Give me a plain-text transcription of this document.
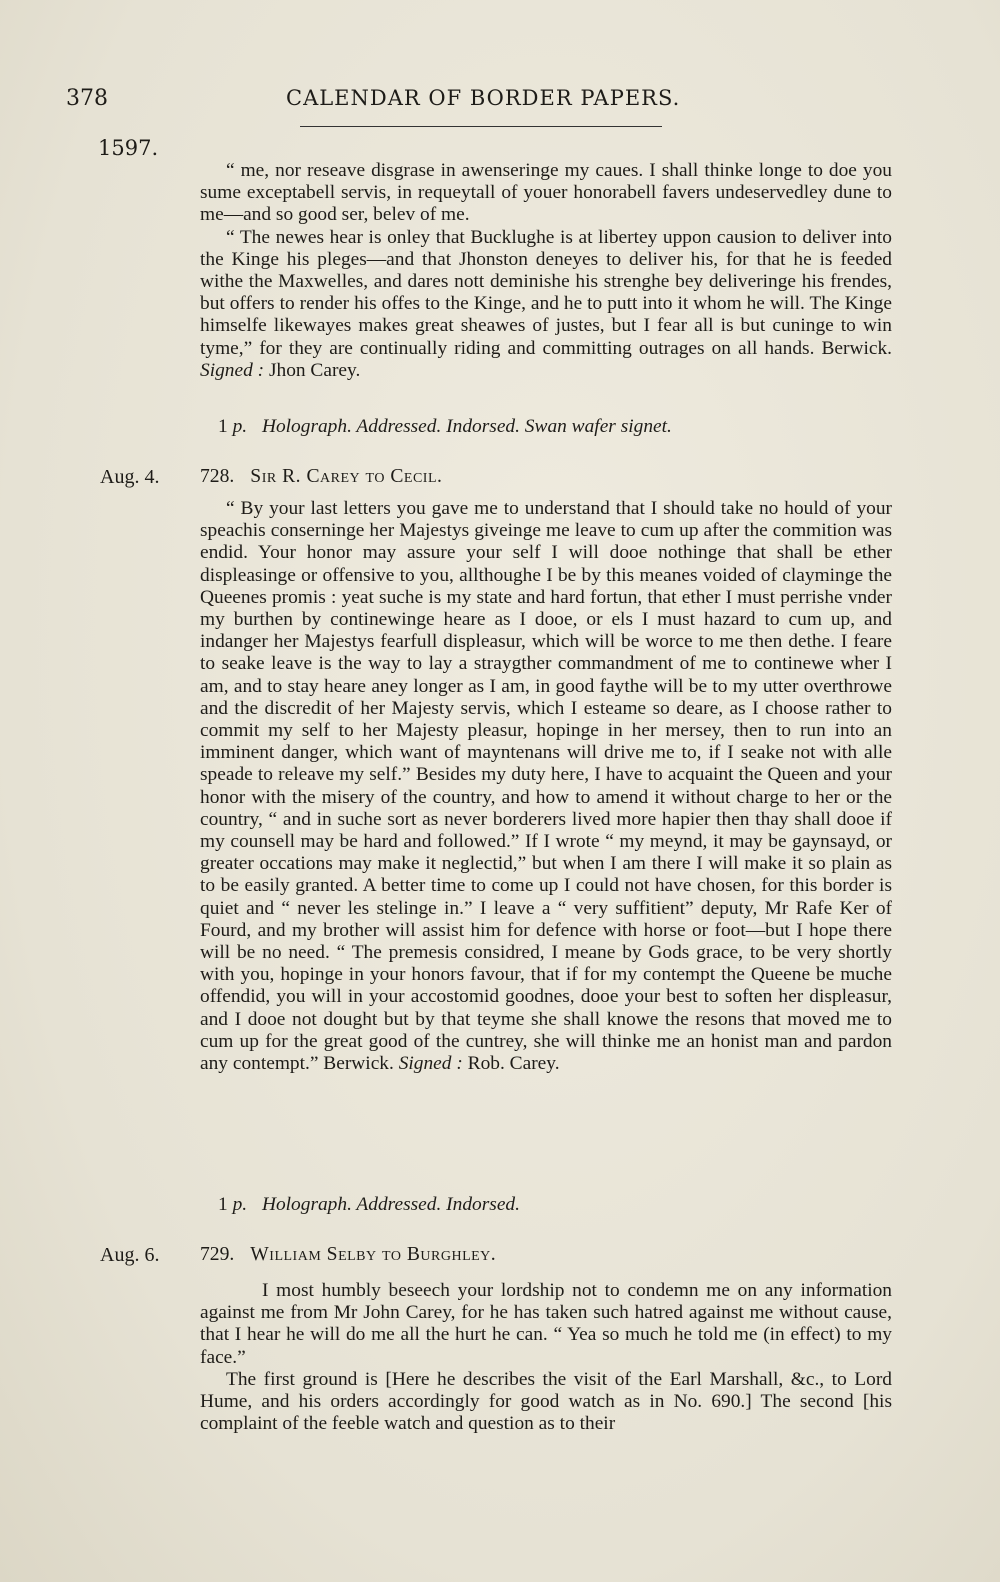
378	CALENDAR OF BORDER PAPERS.
1597.

“ me, nor reseave disgrase in awenseringe my caues. I shall thinke longe to doe you sume exceptabell servis, in requeytall of youer honorabell favers undeservedley dune to me—and so good ser, belev of me.

“ The newes hear is onley that Bucklughe is at libertey uppon causion to deliver into the Kinge his pleges—and that Jhonston deneyes to deliver his, for that he is feeded withe the Maxwelles, and dares nott deminishe his strenghe bey deliveringe his frendes, but offers to render his offes to the Kinge, and he to putt into it whom he will. The Kinge himselfe likewayes makes great sheawes of justes, but I fear all is but cuninge to win tyme,” for they are continually riding and committing outrages on all hands. Berwick. Signed : Jhon Carey.

1 p. Holograph. Addressed. Indorsed. Swan wafer signet.
Aug. 4. 728. Sir R. Carey to Cecil.

“ By your last letters you gave me to understand that I should take no hould of your speachis conserninge her Majestys giveinge me leave to cum up after the commition was endid. Your honor may assure your self I will dooe nothinge that shall be ether displeasinge or offensive to you, allthoughe I be by this meanes voided of clayminge the Queenes promis : yeat suche is my state and hard fortun, that ether I must perrishe vnder my burthen by continewinge heare as I dooe, or els I must hazard to cum up, and indanger her Majestys fearfull displeasur, which will be worce to me then dethe. I feare to seake leave is the way to lay a straygther commandment of me to continewe wher I am, and to stay heare aney longer as I am, in good faythe will be to my utter overthrowe and the discredit of her Majesty servis, which I esteame so deare, as I choose rather to commit my self to her Majesty pleasur, hopinge in her mersey, then to run into an imminent danger, which want of mayntenans will drive me to, if I seake not with alle speade to releave my self.” Besides my duty here, I have to acquaint the Queen and your honor with the misery of the country, and how to amend it without charge to her or the country, “ and in suche sort as never borderers lived more hapier then thay shall dooe if my counsell may be hard and followed.” If I wrote “ my meynd, it may be gaynsayd, or greater occations may make it neglectid,” but when I am there I will make it so plain as to be easily granted. A better time to come up I could not have chosen, for this border is quiet and “ never les stelinge in.” I leave a “ very suffitient” deputy, Mr Rafe Ker of Fourd, and my brother will assist him for defence with horse or foot—but I hope there will be no need. “ The premesis considred, I meane by Gods grace, to be very shortly with you, hopinge in your honors favour, that if for my contempt the Queene be muche offendid, you will in your accostomid goodnes, dooe your best to soften her displeasur, and I dooe not dought but by that teyme she shall knowe the resons that moved me to cum up for the great good of the cuntrey, she will thinke me an honist man and pardon any contempt.” Berwick. Signed : Rob. Carey.

1 p. Holograph. Addressed. Indorsed.
Aug. 6. 729. William Selby to Burghley.

I most humbly beseech your lordship not to condemn me on any information against me from Mr John Carey, for he has taken such hatred against me without cause, that I hear he will do me all the hurt he can. “ Yea so much he told me (in effect) to my face.”

The first ground is [Here he describes the visit of the Earl Marshall, &c., to Lord Hume, and his orders accordingly for good watch as in No. 690.] The second [his complaint of the feeble watch and question as to their
